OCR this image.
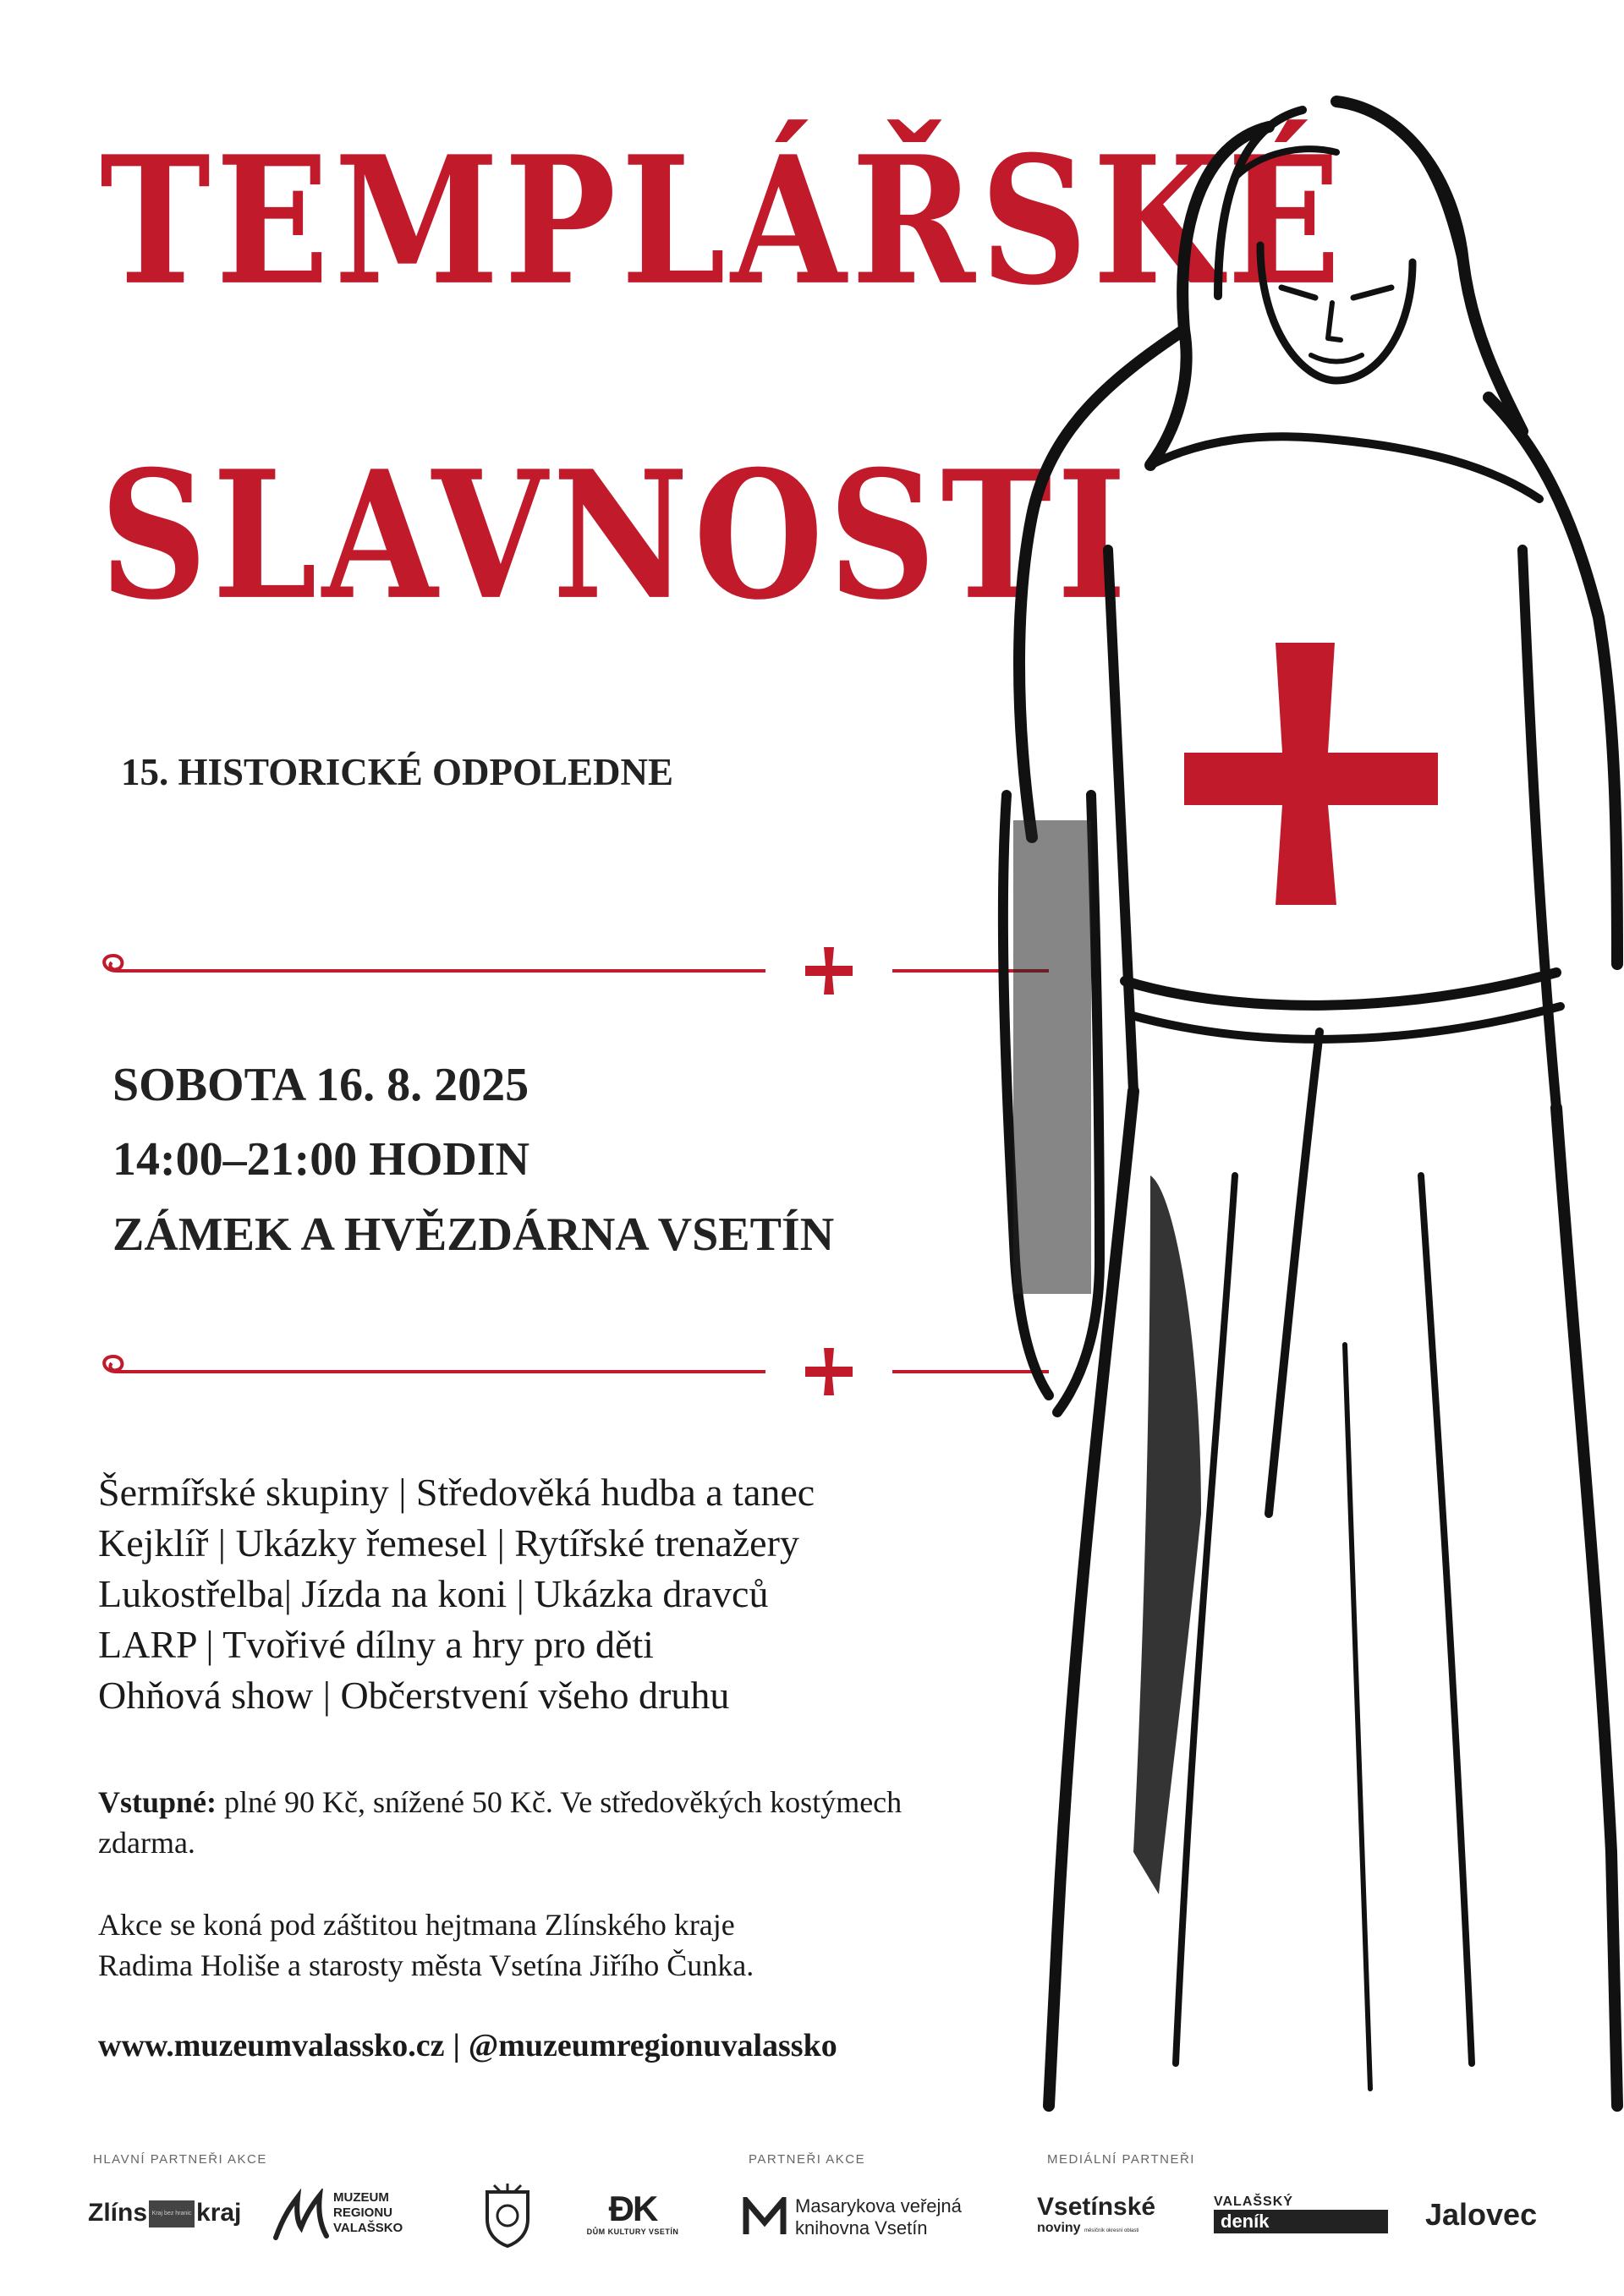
TEMPLÁŘSKÉ
SLAVNOSTI
15. HISTORICKÉ ODPOLEDNE
SOBOTA 16. 8. 2025
14:00–21:00 HODIN
ZÁMEK A HVĚZDÁRNA VSETÍN
Šermířské skupiny | Středověká hudba a tanec
Kejklíř | Ukázky řemesel | Rytířské trenažery
Lukostřelba| Jízda na koni | Ukázka dravců
LARP | Tvořivé dílny a hry pro děti
Ohňová show | Občerstvení všeho druhu
Vstupné: plné 90 Kč, snížené 50 Kč. Ve středověkých kostýmech zdarma.
Akce se koná pod záštitou hejtmana Zlínského kraje
Radima Holiše a starosty města Vsetína Jiřího Čunka.
www.muzeumvalassko.cz | @muzeumregionuvalassko
HLAVNÍ PARTNEŘI AKCE	PARTNEŘI AKCE	MEDIÁLNÍ PARTNEŘI
Zlíns Kraj bez hranic kraj
MUZEUM
REGIONU
VALAŠSKO	ĐK
DŮM KULTURY VSETÍN
Masarykova veřejná
knihovna Vsetín
Vsetínské
noviny měsíčník okresní oblasti
VALAŠSKÝ
deník	Jalovec
